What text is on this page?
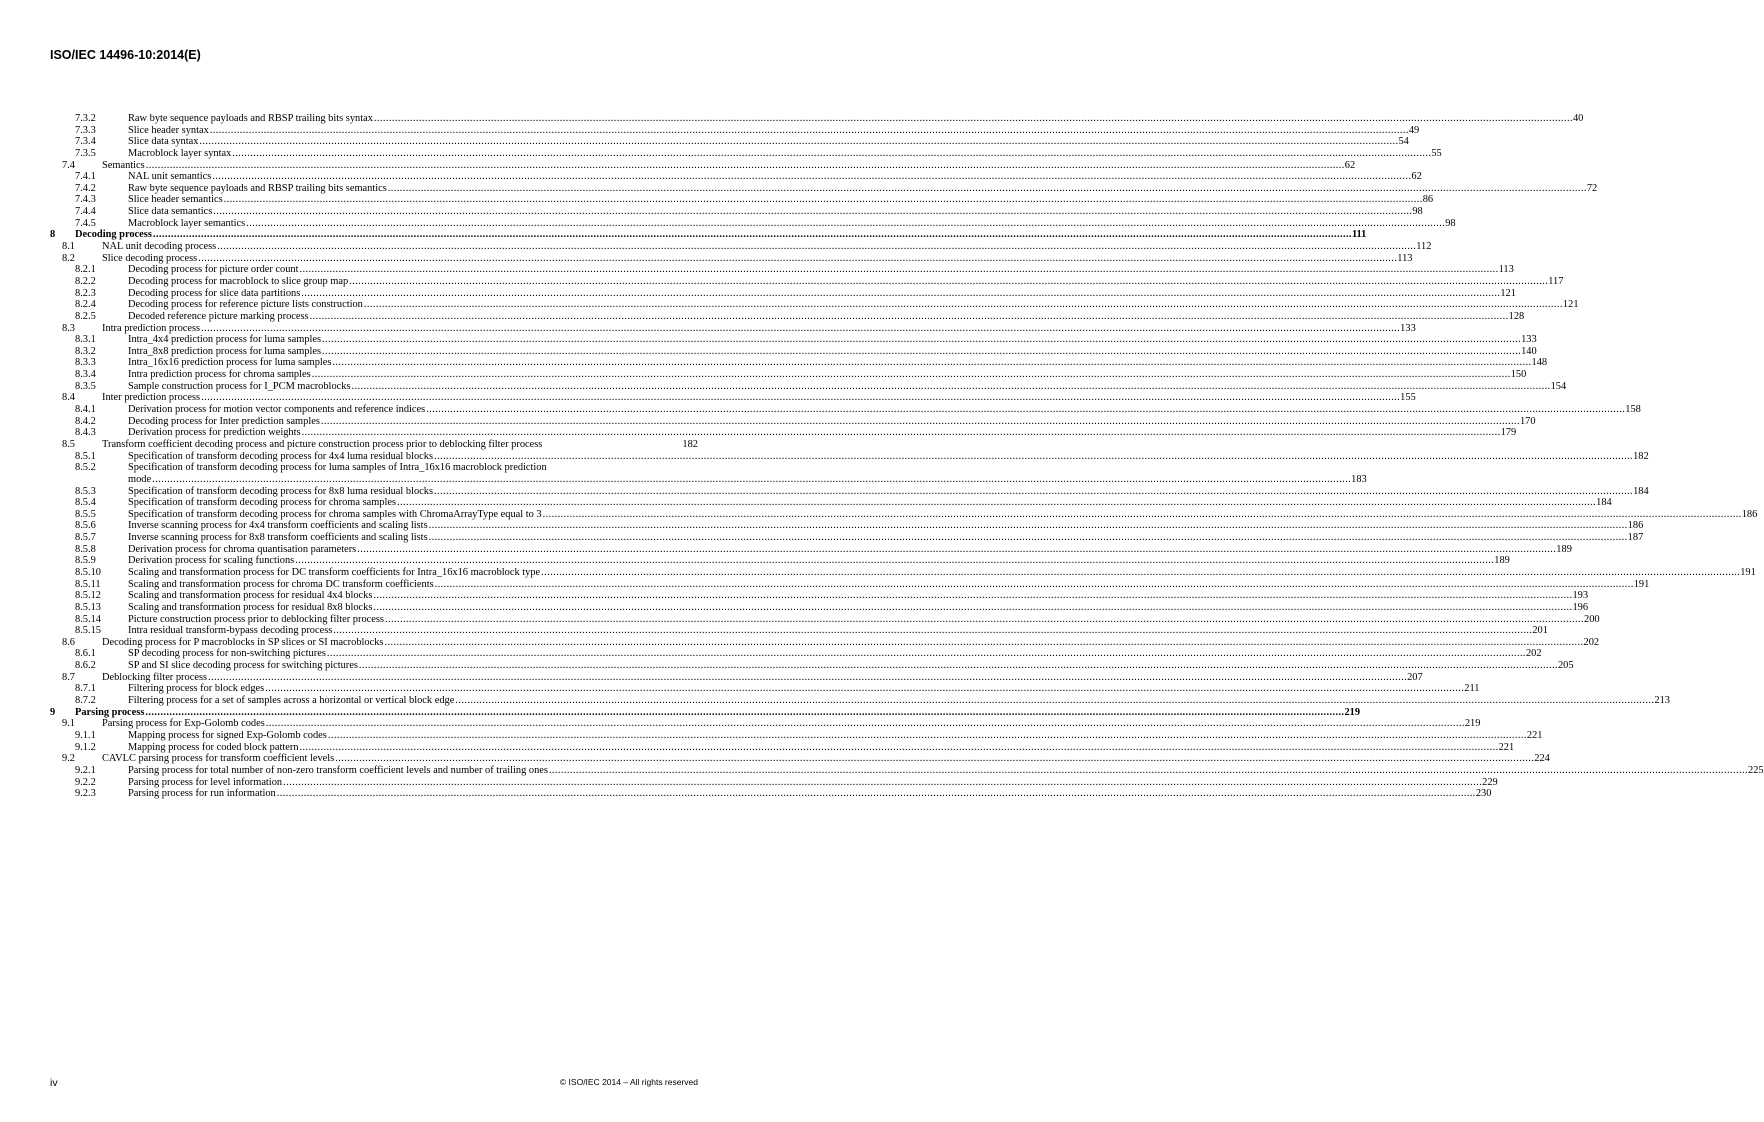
ISO/IEC 14496-10:2014(E)
7.3.2	Raw byte sequence payloads and RBSP trailing bits syntax ................................................................................................................................................................................................................................................................................................................................................................................................................ 40
7.3.3	Slice header syntax ................................................................................................................................................................................................................................................................................................................................................................................................................ 49
7.3.4	Slice data syntax ................................................................................................................................................................................................................................................................................................................................................................................................................ 54
7.3.5	Macroblock layer syntax ................................................................................................................................................................................................................................................................................................................................................................................................................ 55
7.4	Semantics ................................................................................................................................................................................................................................................................................................................................................................................................................ 62
7.4.1	NAL unit semantics ................................................................................................................................................................................................................................................................................................................................................................................................................ 62
7.4.2	Raw byte sequence payloads and RBSP trailing bits semantics ................................................................................................................................................................................................................................................................................................................................................................................................................ 72
7.4.3	Slice header semantics ................................................................................................................................................................................................................................................................................................................................................................................................................ 86
7.4.4	Slice data semantics ................................................................................................................................................................................................................................................................................................................................................................................................................ 98
7.4.5	Macroblock layer semantics ................................................................................................................................................................................................................................................................................................................................................................................................................ 98
8 Decoding process ................................................................................................................................................................................................................................................................................................................................................................................................................ 111
8.1	NAL unit decoding process ................................................................................................................................................................................................................................................................................................................................................................................................................ 112
8.2	Slice decoding process ................................................................................................................................................................................................................................................................................................................................................................................................................ 113
8.2.1	Decoding process for picture order count ................................................................................................................................................................................................................................................................................................................................................................................................................ 113
8.2.2	Decoding process for macroblock to slice group map ................................................................................................................................................................................................................................................................................................................................................................................................................ 117
8.2.3	Decoding process for slice data partitions ................................................................................................................................................................................................................................................................................................................................................................................................................ 121
8.2.4	Decoding process for reference picture lists construction ................................................................................................................................................................................................................................................................................................................................................................................................................ 121
8.2.5	Decoded reference picture marking process ................................................................................................................................................................................................................................................................................................................................................................................................................ 128
8.3	Intra prediction process ................................................................................................................................................................................................................................................................................................................................................................................................................ 133
8.3.1	Intra_4x4 prediction process for luma samples ................................................................................................................................................................................................................................................................................................................................................................................................................ 133
8.3.2	Intra_8x8 prediction process for luma samples ................................................................................................................................................................................................................................................................................................................................................................................................................ 140
8.3.3	Intra_16x16 prediction process for luma samples ................................................................................................................................................................................................................................................................................................................................................................................................................ 148
8.3.4	Intra prediction process for chroma samples ................................................................................................................................................................................................................................................................................................................................................................................................................ 150
8.3.5	Sample construction process for I_PCM macroblocks ................................................................................................................................................................................................................................................................................................................................................................................................................ 154
8.4	Inter prediction process ................................................................................................................................................................................................................................................................................................................................................................................................................ 155
8.4.1	Derivation process for motion vector components and reference indices ................................................................................................................................................................................................................................................................................................................................................................................................................ 158
8.4.2	Decoding process for Inter prediction samples ................................................................................................................................................................................................................................................................................................................................................................................................................ 170
8.4.3	Derivation process for prediction weights ................................................................................................................................................................................................................................................................................................................................................................................................................ 179
8.5	Transform coefficient decoding process and picture construction process prior to deblocking filter process	182
8.5.1	Specification of transform decoding process for 4x4 luma residual blocks ................................................................................................................................................................................................................................................................................................................................................................................................................ 182
8.5.2	Specification of transform decoding process for luma samples of Intra_16x16 macroblock prediction
mode ................................................................................................................................................................................................................................................................................................................................................................................................................ 183
8.5.3	Specification of transform decoding process for 8x8 luma residual blocks ................................................................................................................................................................................................................................................................................................................................................................................................................ 184
8.5.4	Specification of transform decoding process for chroma samples ................................................................................................................................................................................................................................................................................................................................................................................................................ 184
8.5.5	Specification of transform decoding process for chroma samples with ChromaArrayType equal to 3 ................................................................................................................................................................................................................................................................................................................................................................................................................ 186
8.5.6	Inverse scanning process for 4x4 transform coefficients and scaling lists ................................................................................................................................................................................................................................................................................................................................................................................................................ 186
8.5.7	Inverse scanning process for 8x8 transform coefficients and scaling lists ................................................................................................................................................................................................................................................................................................................................................................................................................ 187
8.5.8	Derivation process for chroma quantisation parameters ................................................................................................................................................................................................................................................................................................................................................................................................................ 189
8.5.9	Derivation process for scaling functions ................................................................................................................................................................................................................................................................................................................................................................................................................ 189
8.5.10	Scaling and transformation process for DC transform coefficients for Intra_16x16 macroblock type ................................................................................................................................................................................................................................................................................................................................................................................................................ 191
8.5.11	Scaling and transformation process for chroma DC transform coefficients ................................................................................................................................................................................................................................................................................................................................................................................................................ 191
8.5.12	Scaling and transformation process for residual 4x4 blocks ................................................................................................................................................................................................................................................................................................................................................................................................................ 193
8.5.13	Scaling and transformation process for residual 8x8 blocks ................................................................................................................................................................................................................................................................................................................................................................................................................ 196
8.5.14	Picture construction process prior to deblocking filter process ................................................................................................................................................................................................................................................................................................................................................................................................................ 200
8.5.15	Intra residual transform-bypass decoding process ................................................................................................................................................................................................................................................................................................................................................................................................................ 201
8.6	Decoding process for P macroblocks in SP slices or SI macroblocks ................................................................................................................................................................................................................................................................................................................................................................................................................ 202
8.6.1	SP decoding process for non-switching pictures ................................................................................................................................................................................................................................................................................................................................................................................................................ 202
8.6.2	SP and SI slice decoding process for switching pictures ................................................................................................................................................................................................................................................................................................................................................................................................................ 205
8.7	Deblocking filter process ................................................................................................................................................................................................................................................................................................................................................................................................................ 207
8.7.1	Filtering process for block edges ................................................................................................................................................................................................................................................................................................................................................................................................................ 211
8.7.2	Filtering process for a set of samples across a horizontal or vertical block edge ................................................................................................................................................................................................................................................................................................................................................................................................................ 213
9 Parsing process ................................................................................................................................................................................................................................................................................................................................................................................................................ 219
9.1	Parsing process for Exp-Golomb codes ................................................................................................................................................................................................................................................................................................................................................................................................................ 219
9.1.1	Mapping process for signed Exp-Golomb codes ................................................................................................................................................................................................................................................................................................................................................................................................................ 221
9.1.2	Mapping process for coded block pattern ................................................................................................................................................................................................................................................................................................................................................................................................................ 221
9.2	CAVLC parsing process for transform coefficient levels ................................................................................................................................................................................................................................................................................................................................................................................................................ 224
9.2.1	Parsing process for total number of non-zero transform coefficient levels and number of trailing ones ................................................................................................................................................................................................................................................................................................................................................................................................................ 225
9.2.2	Parsing process for level information ................................................................................................................................................................................................................................................................................................................................................................................................................ 229
9.2.3	Parsing process for run information ................................................................................................................................................................................................................................................................................................................................................................................................................ 230
iv	© ISO/IEC 2014 – All rights reserved
